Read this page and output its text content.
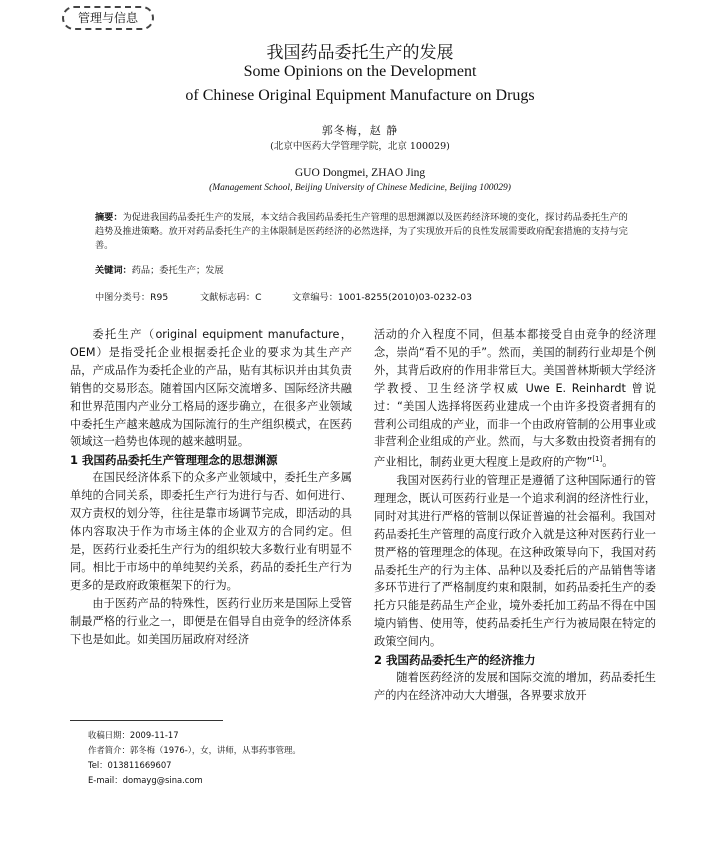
管理与信息
我国药品委托生产的发展
Some Opinions on the Development
of Chinese Original Equipment Manufacture on Drugs
郭冬梅，赵 静
(北京中医药大学管理学院，北京 100029)
GUO Dongmei, ZHAO Jing
(Management School, Beijing University of Chinese Medicine, Beijing 100029)
摘要：为促进我国药品委托生产的发展，本文结合我国药品委托生产管理的思想渊源以及医药经济环境的变化，探讨药品委托生产的趋势及推进策略。放开对药品委托生产的主体限制是医药经济的必然选择，为了实现放开后的良性发展需要政府配套措施的支持与完善。
关键词：药品；委托生产；发展
中图分类号：R95	文献标志码：C	文章编号：1001-8255(2010)03-0232-03

委托生产（original equipment manufacture，OEM）是指受托企业根据委托企业的要求为其生产产品，产成品作为委托企业的产品，贴有其标识并由其负责销售的交易形态。随着国内区际交流增多、国际经济共融和世界范围内产业分工格局的逐步确立，在很多产业领域中委托生产越来越成为国际流行的生产组织模式，在医药领域这一趋势也体现的越来越明显。

1 我国药品委托生产管理理念的思想渊源

在国民经济体系下的众多产业领域中，委托生产多属单纯的合同关系，即委托生产行为进行与否、如何进行、双方责权的划分等，往往是靠市场调节完成，即活动的具体内容取决于作为市场主体的企业双方的合同约定。但是，医药行业委托生产行为的组织较大多数行业有明显不同。相比于市场中的单纯契约关系，药品的委托生产行为更多的是政府政策框架下的行为。

由于医药产品的特殊性，医药行业历来是国际上受管制最严格的行业之一，即便是在倡导自由竞争的经济体系下也是如此。如美国历届政府对经济

活动的介入程度不同，但基本都接受自由竞争的经济理念，崇尚“看不见的手”。然而，美国的制药行业却是个例外，其背后政府的作用非常巨大。美国普林斯顿大学经济学教授、卫生经济学权威 Uwe E. Reinhardt 曾说过：“美国人选择将医药业建成一个由许多投资者拥有的营利公司组成的产业，而非一个由政府管制的公用事业或非营利企业组成的产业。然而，与大多数由投资者拥有的产业相比，制药业更大程度上是政府的产物”[1]。

我国对医药行业的管理正是遵循了这种国际通行的管理理念，既认可医药行业是一个追求利润的经济性行业，同时对其进行严格的管制以保证普遍的社会福利。我国对药品委托生产管理的高度行政介入就是这种对医药行业一贯严格的管理理念的体现。在这种政策导向下，我国对药品委托生产的行为主体、品种以及委托后的产品销售等诸多环节进行了严格制度约束和限制，如药品委托生产的委托方只能是药品生产企业，境外委托加工药品不得在中国境内销售、使用等，使药品委托生产行为被局限在特定的政策空间内。

2 我国药品委托生产的经济推力

随着医药经济的发展和国际交流的增加，药品委托生产的内在经济冲动大大增强，各界要求放开

收稿日期：2009-11-17
作者简介：郭冬梅（1976-），女，讲师，从事药事管理。
Tel：013811669607
E-mail：domayg@sina.com
